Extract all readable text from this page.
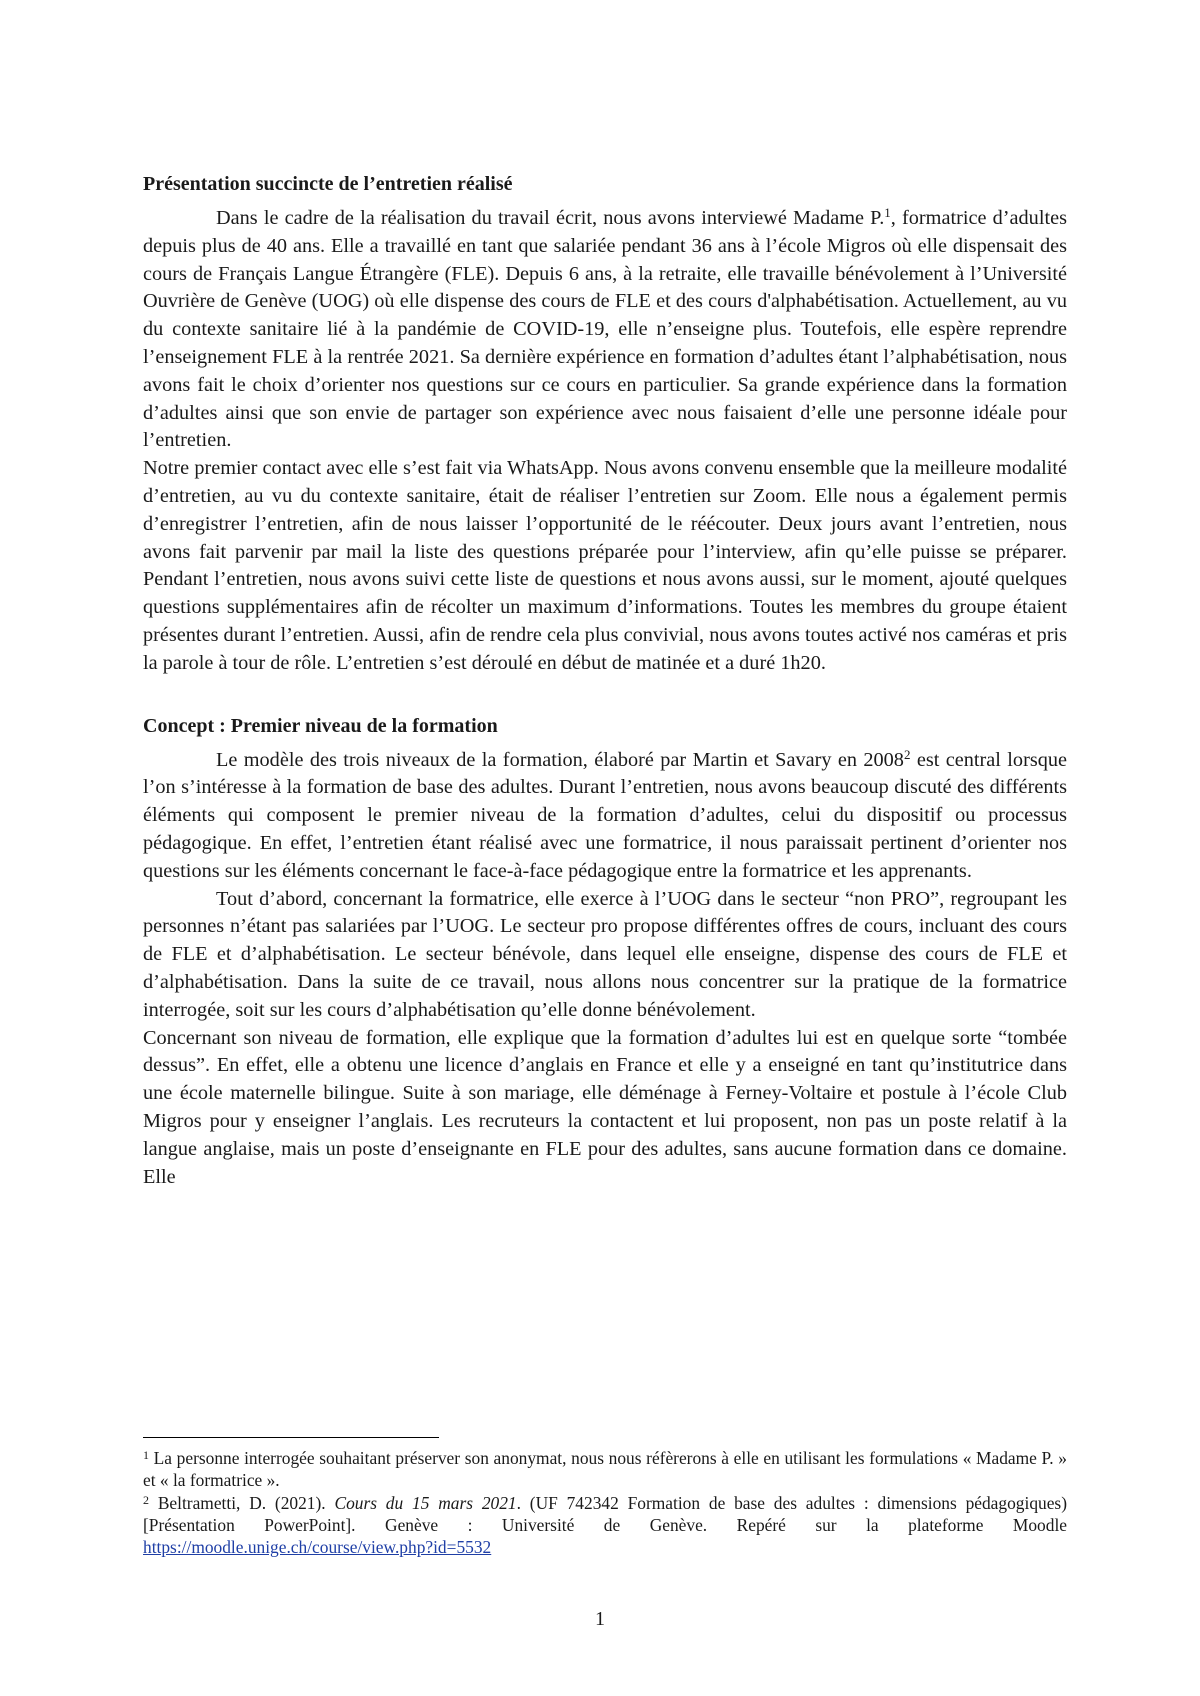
Présentation succincte de l’entretien réalisé

Dans le cadre de la réalisation du travail écrit, nous avons interviewé Madame P.$^1$, formatrice d’adultes depuis plus de 40 ans. Elle a travaillé en tant que salariée pendant 36 ans à l’école Migros où elle dispensait des cours de Français Langue Étrangère (FLE). Depuis 6 ans, à la retraite, elle travaille bénévolement à l’Université Ouvrière de Genève (UOG) où elle dispense des cours de FLE et des cours d'alphabétisation. Actuellement, au vu du contexte sanitaire lié à la pandémie de COVID-19, elle n’enseigne plus. Toutefois, elle espère reprendre l’enseignement FLE à la rentrée 2021. Sa dernière expérience en formation d’adultes étant l’alphabétisation, nous avons fait le choix d’orienter nos questions sur ce cours en particulier. Sa grande expérience dans la formation d’adultes ainsi que son envie de partager son expérience avec nous faisaient d’elle une personne idéale pour l’entretien.

Notre premier contact avec elle s’est fait via WhatsApp. Nous avons convenu ensemble que la meilleure modalité d’entretien, au vu du contexte sanitaire, était de réaliser l’entretien sur Zoom. Elle nous a également permis d’enregistrer l’entretien, afin de nous laisser l’opportunité de le réécouter. Deux jours avant l’entretien, nous avons fait parvenir par mail la liste des questions préparée pour l’interview, afin qu’elle puisse se préparer. Pendant l’entretien, nous avons suivi cette liste de questions et nous avons aussi, sur le moment, ajouté quelques questions supplémentaires afin de récolter un maximum d’informations. Toutes les membres du groupe étaient présentes durant l’entretien. Aussi, afin de rendre cela plus convivial, nous avons toutes activé nos caméras et pris la parole à tour de rôle. L’entretien s’est déroulé en début de matinée et a duré 1h20.

Concept : Premier niveau de la formation

Le modèle des trois niveaux de la formation, élaboré par Martin et Savary en 2008$^2$ est central lorsque l’on s’intéresse à la formation de base des adultes. Durant l’entretien, nous avons beaucoup discuté des différents éléments qui composent le premier niveau de la formation d’adultes, celui du dispositif ou processus pédagogique. En effet, l’entretien étant réalisé avec une formatrice, il nous paraissait pertinent d’orienter nos questions sur les éléments concernant le face-à-face pédagogique entre la formatrice et les apprenants.

Tout d’abord, concernant la formatrice, elle exerce à l’UOG dans le secteur “non PRO”, regroupant les personnes n’étant pas salariées par l’UOG. Le secteur pro propose différentes offres de cours, incluant des cours de FLE et d’alphabétisation. Le secteur bénévole, dans lequel elle enseigne, dispense des cours de FLE et d’alphabétisation. Dans la suite de ce travail, nous allons nous concentrer sur la pratique de la formatrice interrogée, soit sur les cours d’alphabétisation qu’elle donne bénévolement.

Concernant son niveau de formation, elle explique que la formation d’adultes lui est en quelque sorte “tombée dessus”. En effet, elle a obtenu une licence d’anglais en France et elle y a enseigné en tant qu’institutrice dans une école maternelle bilingue. Suite à son mariage, elle déménage à Ferney-Voltaire et postule à l’école Club Migros pour y enseigner l’anglais. Les recruteurs la contactent et lui proposent, non pas un poste relatif à la langue anglaise, mais un poste d’enseignante en FLE pour des adultes, sans aucune formation dans ce domaine. Elle

$^1$ La personne interrogée souhaitant préserver son anonymat, nous nous réfèrerons à elle en utilisant les formulations « Madame P. » et « la formatrice ».

$^2$ Beltrametti, D. (2021). Cours du 15 mars 2021. (UF 742342 Formation de base des adultes : dimensions pédagogiques) [Présentation PowerPoint]. Genève : Université de Genève. Repéré sur la plateforme Moodle https://moodle.unige.ch/course/view.php?id=5532

1
